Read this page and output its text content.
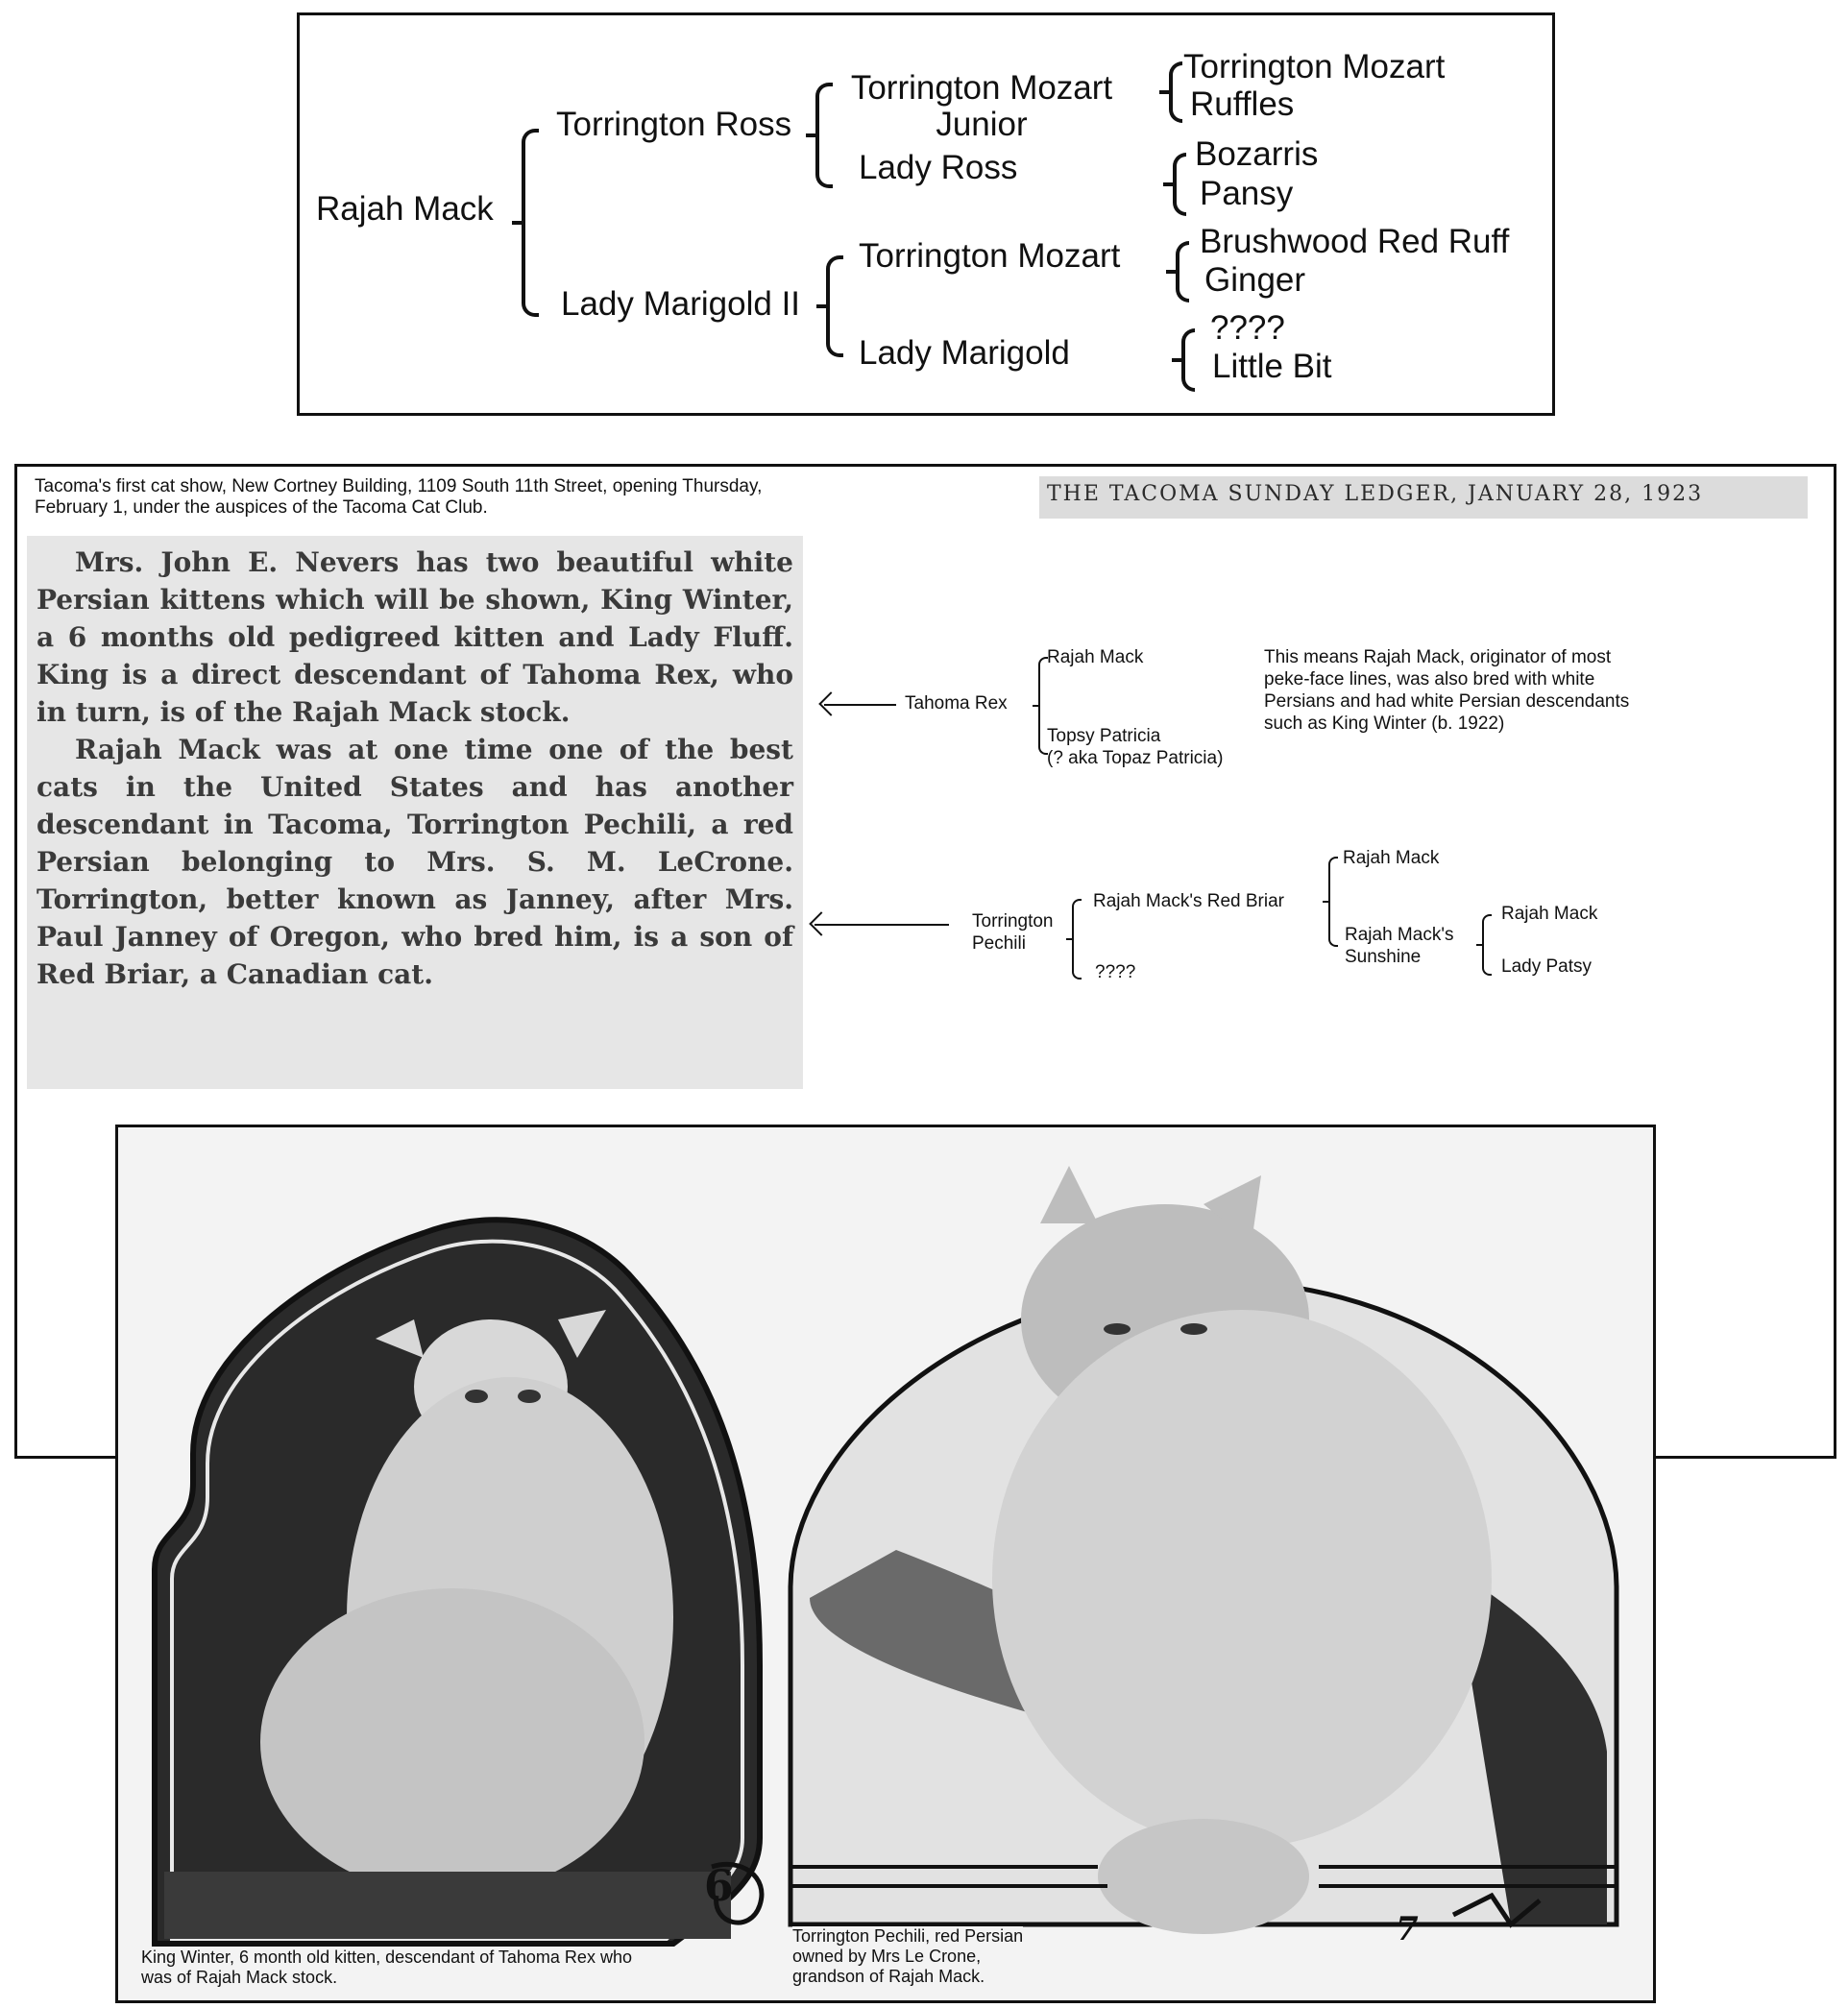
Rajah Mack
Torrington Ross
Lady Marigold II
Torrington Mozart
Junior
Lady Ross
Torrington Mozart
Lady Marigold
Torrington Mozart
Ruffles
Bozarris
Pansy
Brushwood Red Ruff
Ginger
????
Little Bit
Tacoma's first cat show, New Cortney Building, 1109 South 11th Street, opening Thursday, February 1, under the auspices of the Tacoma Cat Club.
THE TACOMA SUNDAY LEDGER, JANUARY 28, 1923

Mrs. John E. Nevers has two beautiful white Persian kittens which will be shown, King Winter, a 6 months old pedigreed kitten and Lady Fluff. King is a direct descendant of Tahoma Rex, who in turn, is of the Rajah Mack stock.

Rajah Mack was at one time one of the best cats in the United States and has another descendant in Tacoma, Torrington Pechili, a red Persian belonging to Mrs. S. M. LeCrone. Torrington, better known as Janney, after Mrs. Paul Janney of Oregon, who bred him, is a son of Red Briar, a Canadian cat.

Tahoma Rex
Rajah Mack
Topsy Patricia
(? aka Topaz Patricia)
This means Rajah Mack, originator of most
peke-face lines, was also bred with white
Persians and had white Persian descendants
such as King Winter (b. 1922)
Torrington
Pechili
Rajah Mack's Red Briar
????
Rajah Mack
Rajah Mack's
Sunshine
Rajah Mack
Lady Patsy
6
7
King Winter, 6 month old kitten, descendant of Tahoma Rex who
was of Rajah Mack stock.
Torrington Pechili, red Persian
owned by Mrs Le Crone,
grandson of Rajah Mack.
